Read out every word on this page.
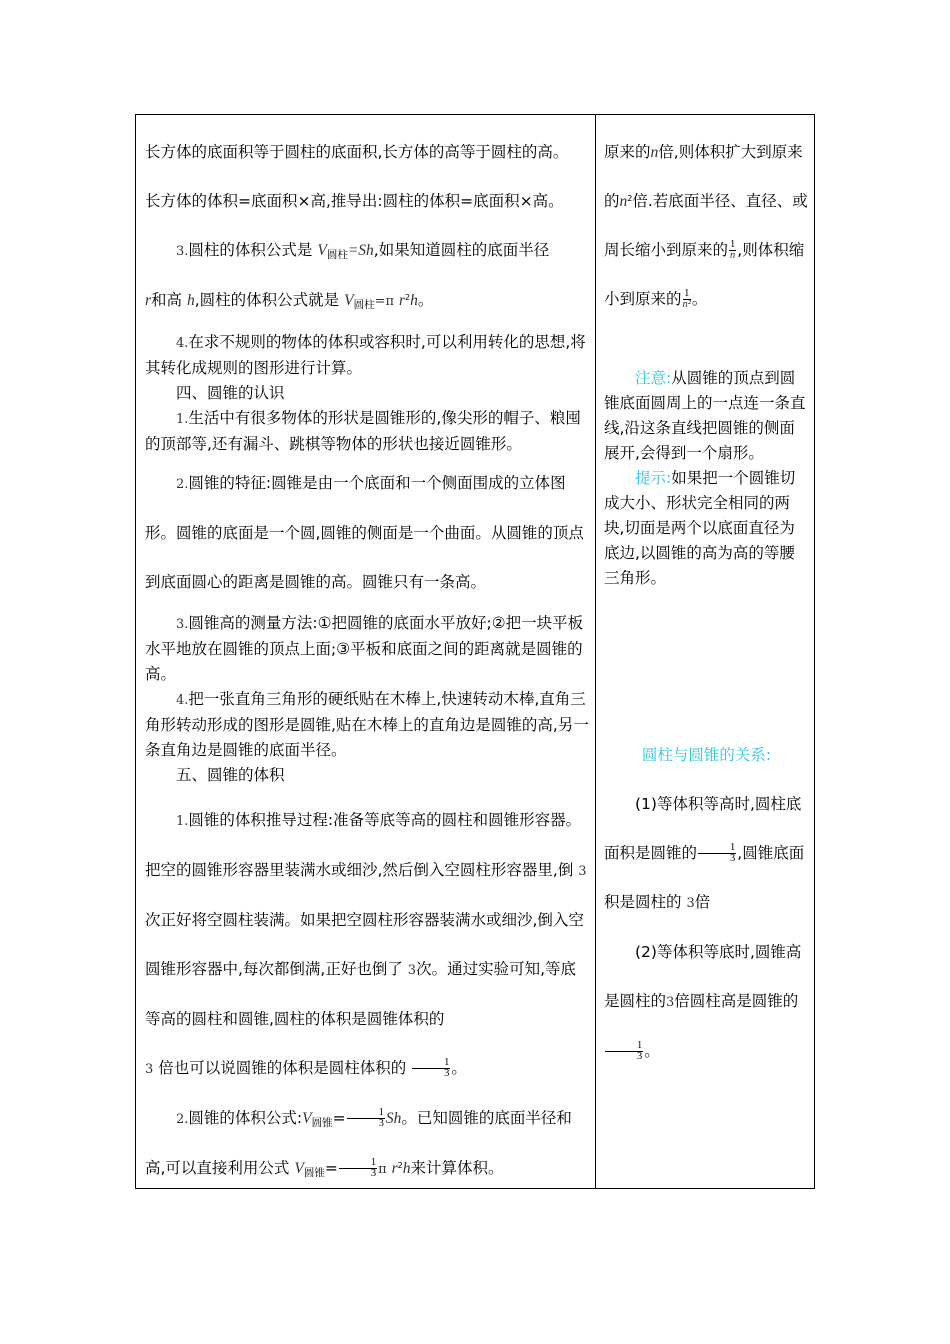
长方体的底面积等于圆柱的底面积,长方体的高等于圆柱的高。

长方体的体积=底面积×高,推导出:圆柱的体积=底面积×高。

3.圆柱的体积公式是 $V_{圆柱}=Sh$,如果知道圆柱的底面半径
r和高 h,圆柱的体积公式就是 $V_{圆柱}=\pi$ $r^2h$。

4.在求不规则的物体的体积或容积时,可以利用转化的思想,将其转化成规则的图形进行计算。

四、圆锥的认识

1.生活中有很多物体的形状是圆锥形的,像尖形的帽子、粮囤的顶部等,还有漏斗、跳棋等物体的形状也接近圆锥形。

2.圆锥的特征:圆锥是由一个底面和一个侧面围成的立体图形。圆锥的底面是一个圆,圆锥的侧面是一个曲面。从圆锥的顶点到底面圆心的距离是圆锥的高。圆锥只有一条高。

3.圆锥高的测量方法:①把圆锥的底面水平放好;②把一块平板水平地放在圆锥的顶点上面;③平板和底面之间的距离就是圆锥的高。

4.把一张直角三角形的硬纸贴在木棒上,快速转动木棒,直角三角形转动形成的图形是圆锥,贴在木棒上的直角边是圆锥的高,另一条直角边是圆锥的底面半径。

五、圆锥的体积

1.圆锥的体积推导过程:准备等底等高的圆柱和圆锥形容器。把空的圆锥形容器里装满水或细沙,然后倒入空圆柱形容器里,倒 3次正好将空圆柱装满。如果把空圆柱形容器装满水或细沙,倒入空圆锥形容器中,每次都倒满,正好也倒了 3次。通过实验可知,等底等高的圆柱和圆锥,圆柱的体积是圆锥体积的
3 倍也可以说圆锥的体积是圆柱体积的 $\frac{1}{3}$ 。

2.圆锥的体积公式$:V_{圆锥}= \frac{1}{3}$ Sh。已知圆锥的底面半径和高,可以直接利用公式 $V_{圆锥}= \frac{1}{3}$ π $r^2h$来计算体积。

原来的n倍,则体积扩大到原来的$n^2$倍.若底面半径、直径、或周长缩小到原来的 $\frac{1}{n}$ ,则体积缩小到原来的 $\frac{1}{\text{n²}}$ 。

注意:从圆锥的顶点到圆锥底面圆周上的一点连一条直线,沿这条直线把圆锥的侧面展开,会得到一个扇形。

提示:如果把一个圆锥切成大小、形状完全相同的两块,切面是两个以底面直径为底边,以圆锥的高为高的等腰三角形。

圆柱与圆锥的关系:

(1)等体积等高时,圆柱底面积是圆锥的 $\frac{1}{3}$ ,圆锥底面积是圆柱的 3倍

(2)等体积等底时,圆锥高是圆柱的3倍圆柱高是圆锥的
$\frac{1}{3}$ 。
